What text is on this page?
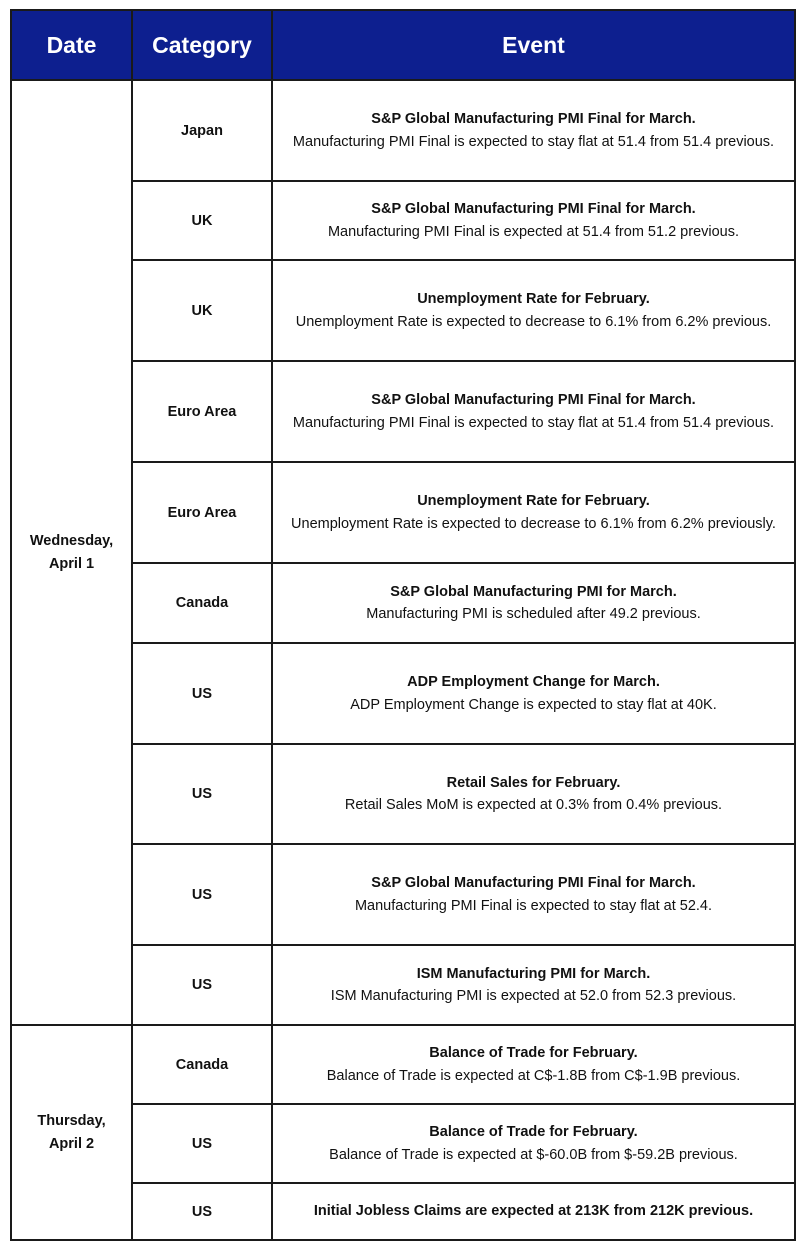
Date	Category	Event

Wednesday,
April 1	Japan	S&P Global Manufacturing PMI Final for March.
Manufacturing PMI Final is expected to stay flat at 51.4 from 51.4 previous.

	UK	S&P Global Manufacturing PMI Final for March.
Manufacturing PMI Final is expected at 51.4 from 51.2 previous.

	UK	Unemployment Rate for February.
Unemployment Rate is expected to decrease to 6.1% from 6.2% previous.

	Euro Area	S&P Global Manufacturing PMI Final for March.
Manufacturing PMI Final is expected to stay flat at 51.4 from 51.4 previous.

	Euro Area	Unemployment Rate for February.
Unemployment Rate is expected to decrease to 6.1% from 6.2% previously.

	Canada	S&P Global Manufacturing PMI for March.
Manufacturing PMI is scheduled after 49.2 previous.

	US	ADP Employment Change for March.
ADP Employment Change is expected to stay flat at 40K.

	US	Retail Sales for February.
Retail Sales MoM is expected at 0.3% from 0.4% previous.

	US	S&P Global Manufacturing PMI Final for March.
Manufacturing PMI Final is expected to stay flat at 52.4.

	US	ISM Manufacturing PMI for March.
ISM Manufacturing PMI is expected at 52.0 from 52.3 previous.

Thursday,
April 2	Canada	Balance of Trade for February.
Balance of Trade is expected at C$-1.8B from C$-1.9B previous.

	US	Balance of Trade for February.
Balance of Trade is expected at $-60.0B from $-59.2B previous.

	US	Initial Jobless Claims are expected at 213K from 212K previous.
